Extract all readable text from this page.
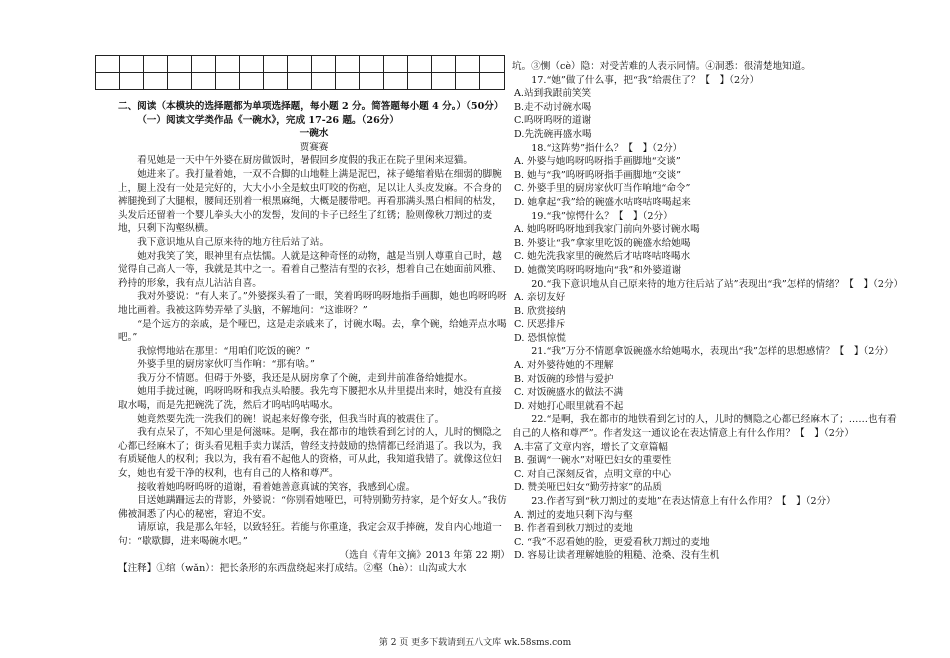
二、阅读（本模块的选择题都为单项选择题，每小题 2 分。简答题每小题 4 分。）（50分）

（一）阅读文学类作品《一碗水》，完成 17-26 题。（26分）

一碗水

贾赛赛

看见她是一天中午外婆在厨房做饭时，暑假回乡度假的我正在院子里闲来逗猫。

她进来了。我打量着她，一双不合脚的山地鞋上满是泥巴，袜子蜷缩着贴在细弱的脚腕上，腿上没有一处是完好的，大大小小全是蚊虫叮咬的伤疤，足以让人头皮发麻。不合身的裤腿挽到了大腿根，腰间还别着一根黑麻绳，大概是腰带吧。再看那满头黑白相间的枯发，头发后还留着一个婴儿拳头大小的发髻，发间的卡子已经生了红锈；脸则像秋刀割过的麦地，只剩下沟壑纵横。

我下意识地从自己原来待的地方往后站了站。

她对我笑了笑，眼神里有点怯懦。人就是这种奇怪的动物，越是当别人尊重自己时，越觉得自己高人一等，我就是其中之一。看着自己整洁有型的衣衫，想着自己在她面前风雅、矜持的形象，我有点儿沾沾自喜。

我对外婆说：“有人来了。”外婆探头看了一眼，笑着呜呀呜呀地指手画脚，她也呜呀呜呀地比画着。我被这阵势弄晕了头脑，不解地问：“这谁呀？”

“是个远方的亲戚，是个哑巴，这是走亲戚来了，讨碗水喝。去，拿个碗，给她弄点水喝吧。”

我惊愕地站在那里：“用咱们吃饭的碗？”

外婆手里的厨房家伙叮当作响：“那有啥。”

我万分不情愿。但碍于外婆，我还是从厨房拿了个碗，走到井前准备给她提水。

她用手拢过碗，呜呀呜呀和我点头哈腰。我先弯下腰把水从井里提出来时，她没有直接取水喝，而是先把碗洗了洗，然后才呜咕呜咕喝水。

她竟然要先洗一洗我们的碗！说起来好像夸张，但我当时真的被震住了。

我有点呆了，不知心里是何滋味。是啊，我在都市的地铁看到乞讨的人，儿时的恻隐之心都已经麻木了；街头看见粗手卖力谋活，曾经支持鼓励的热情都已经消退了。我以为，我有质疑他人的权利；我以为，我有看不起他人的资格，可从此，我知道我错了。就像这位妇女，她也有爱干净的权利，也有自己的人格和尊严。

接收着她呜呀呜呀的道谢，看着她善意真诚的笑容，我感到心虚。

目送她蹒跚远去的背影，外婆说：“你别看她哑巴，可特别勤劳持家，是个好女人。”我仿佛被洞悉了内心的秘密，窘迫不安。

请原谅，我是那么年轻，以致轻狂。若能与你重逢，我定会双手捧碗，发自内心地道一句：“歇歇脚，进来喝碗水吧。”

（选自《青年文摘》2013 年第 22 期）

【注释】①绾（wǎn）：把长条形的东西盘绕起来打成结。②壑（hè）：山沟或大水

坑。③恻（cè）隐：对受苦难的人表示同情。④洞悉：很清楚地知道。

17.“她”做了什么事，把“我”给震住了？【　】（2分）

A.站到我跟前笑笑

B.走不动讨碗水喝

C.呜呀呜呀的道谢

D.先洗碗再盛水喝

18.“这阵势”指什么？【　】（2分）

A. 外婆与她呜呀呜呀指手画脚地“交谈”

B. 她与“我”呜呀呜呀指手画脚地“交谈”

C. 外婆手里的厨房家伙叮当作响地“命令”

D. 她拿起“我”给的碗盛水咕咚咕咚喝起来

19.“我”惊愕什么？【　】（2分）

A. 她呜呀呜呀地到我家门前向外婆讨碗水喝

B. 外婆让“我”拿家里吃饭的碗盛水给她喝

C. 她先洗我家里的碗然后才咕咚咕咚喝水

D. 她微笑呜呀呜呀地向“我”和外婆道谢

20.“我下意识地从自己原来待的地方往后站了站”表现出“我”怎样的情绪？【　】（2分）

A. 亲切友好

B. 欣赏接纳

C. 厌恶排斥

D. 恐惧惊慌

21.“我”万分不情愿拿饭碗盛水给她喝水，表现出“我”怎样的思想感情？【　】（2分）

A. 对外婆待她的不理解

B. 对饭碗的珍惜与爱护

C. 对饭碗盛水的做法不满

D. 对她打心眼里就看不起

22.“是啊，我在都市的地铁看到乞讨的人，儿时的恻隐之心都已经麻木了；……也有看自己的人格和尊严”。作者发这一通议论在表达情意上有什么作用？【　】（2分）

A.丰富了文章内容，增长了文章篇幅

B. 强调“一碗水”对哑巴妇女的重要性

C. 对自己深刻反省，点明文章的中心

D. 赞美哑巴妇女“勤劳持家”的品质

23.作者写到“秋刀割过的麦地”在表达情意上有什么作用？【　】（2分）

A. 割过的麦地只剩下沟与壑

B. 作者看到秋刀割过的麦地

C. “我”不忍看她的脸，更爱看秋刀割过的麦地

D. 容易让读者理解她脸的粗糙、沧桑、没有生机

第 2 页 更多下载请到五八文库 wk.58sms.com
